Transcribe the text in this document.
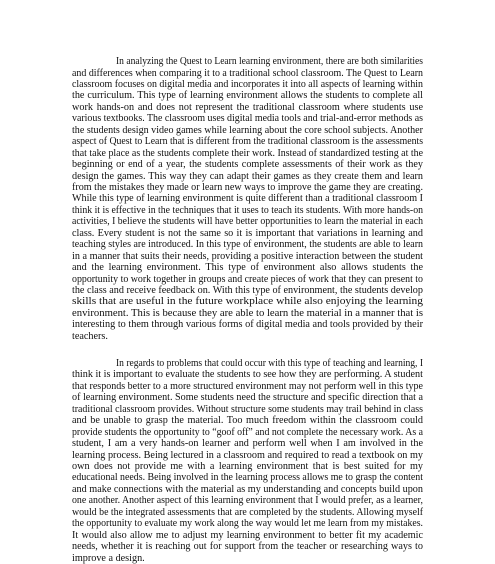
In analyzing the Quest to Learn learning environment, there are both similarities

and differences when comparing it to a traditional school classroom. The Quest to Learn

classroom focuses on digital media and incorporates it into all aspects of learning within

the curriculum. This type of learning environment allows the students to complete all

work hands-on and does not represent the traditional classroom where students use

various textbooks. The classroom uses digital media tools and trial-and-error methods as

the students design video games while learning about the core school subjects. Another

aspect of Quest to Learn that is different from the traditional classroom is the assessments

that take place as the students complete their work. Instead of standardized testing at the

beginning or end of a year, the students complete assessments of their work as they

design the games. This way they can adapt their games as they create them and learn

from the mistakes they made or learn new ways to improve the game they are creating.

While this type of learning environment is quite different than a traditional classroom I

think it is effective in the techniques that it uses to teach its students. With more hands-on

activities, I believe the students will have better opportunities to learn the material in each

class. Every student is not the same so it is important that variations in learning and

teaching styles are introduced. In this type of environment, the students are able to learn

in a manner that suits their needs, providing a positive interaction between the student

and the learning environment. This type of environment also allows students the

opportunity to work together in groups and create pieces of work that they can present to

the class and receive feedback on. With this type of environment, the students develop

skills that are useful in the future workplace while also enjoying the learning

environment. This is because they are able to learn the material in a manner that is

interesting to them through various forms of digital media and tools provided by their

teachers.

In regards to problems that could occur with this type of teaching and learning, I

think it is important to evaluate the students to see how they are performing. A student

that responds better to a more structured environment may not perform well in this type

of learning environment. Some students need the structure and specific direction that a

traditional classroom provides. Without structure some students may trail behind in class

and be unable to grasp the material. Too much freedom within the classroom could

provide students the opportunity to “goof off” and not complete the necessary work. As a

student, I am a very hands-on learner and perform well when I am involved in the

learning process. Being lectured in a classroom and required to read a textbook on my

own does not provide me with a learning environment that is best suited for my

educational needs. Being involved in the learning process allows me to grasp the content

and make connections with the material as my understanding and concepts build upon

one another. Another aspect of this learning environment that I would prefer, as a learner,

would be the integrated assessments that are completed by the students. Allowing myself

the opportunity to evaluate my work along the way would let me learn from my mistakes.

It would also allow me to adjust my learning environment to better fit my academic

needs, whether it is reaching out for support from the teacher or researching ways to

improve a design.
